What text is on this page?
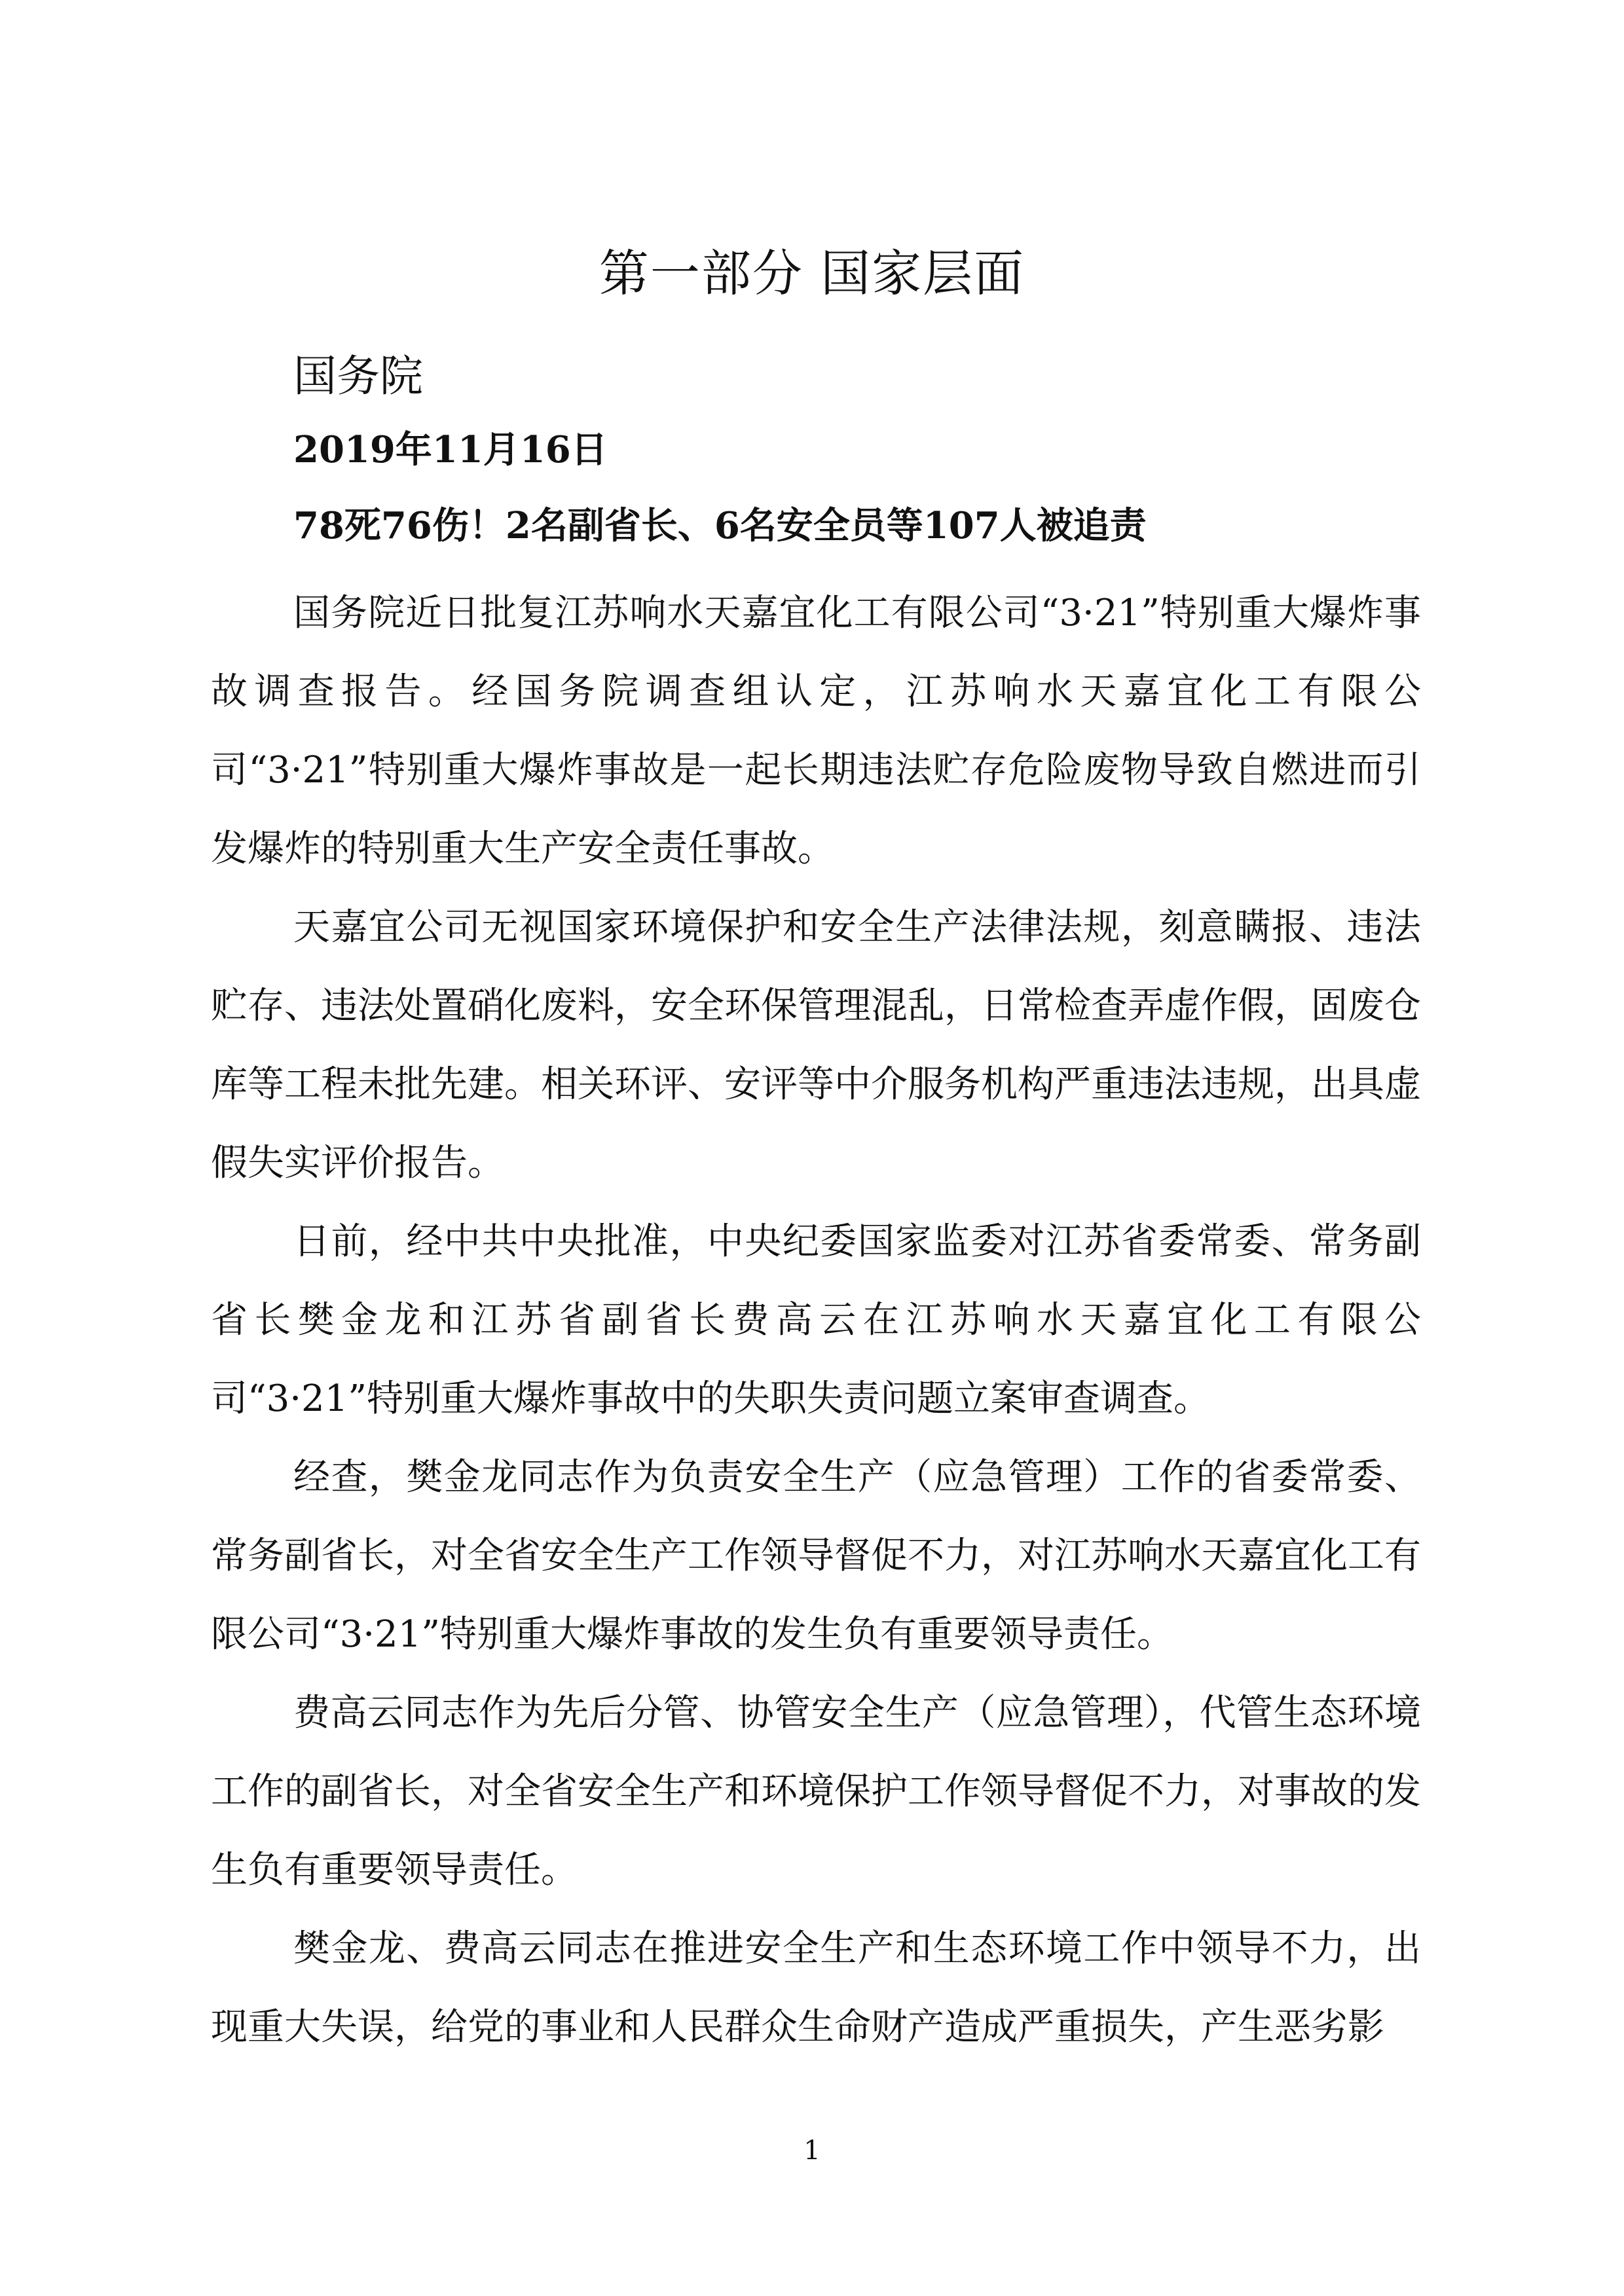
第一部分 国家层面
国务院
2019年11月16日
78死76伤！2名副省长、6名安全员等107人被追责

国务院近日批复江苏响水天嘉宜化工有限公司“3·21”特别重大爆炸事故调查报告。经国务院调查组认定，江苏响水天嘉宜化工有限公司“3·21”特别重大爆炸事故是一起长期违法贮存危险废物导致自燃进而引发爆炸的特别重大生产安全责任事故。

天嘉宜公司无视国家环境保护和安全生产法律法规，刻意瞒报、违法贮存、违法处置硝化废料，安全环保管理混乱，日常检查弄虚作假，固废仓库等工程未批先建。相关环评、安评等中介服务机构严重违法违规，出具虚假失实评价报告。

日前，经中共中央批准，中央纪委国家监委对江苏省委常委、常务副省长樊金龙和江苏省副省长费高云在江苏响水天嘉宜化工有限公司“3·21”特别重大爆炸事故中的失职失责问题立案审查调查。

经查，樊金龙同志作为负责安全生产（应急管理）工作的省委常委、常务副省长，对全省安全生产工作领导督促不力，对江苏响水天嘉宜化工有限公司“3·21”特别重大爆炸事故的发生负有重要领导责任。

费高云同志作为先后分管、协管安全生产（应急管理），代管生态环境工作的副省长，对全省安全生产和环境保护工作领导督促不力，对事故的发生负有重要领导责任。

樊金龙、费高云同志在推进安全生产和生态环境工作中领导不力，出现重大失误，给党的事业和人民群众生命财产造成严重损失，产生恶劣影

1
